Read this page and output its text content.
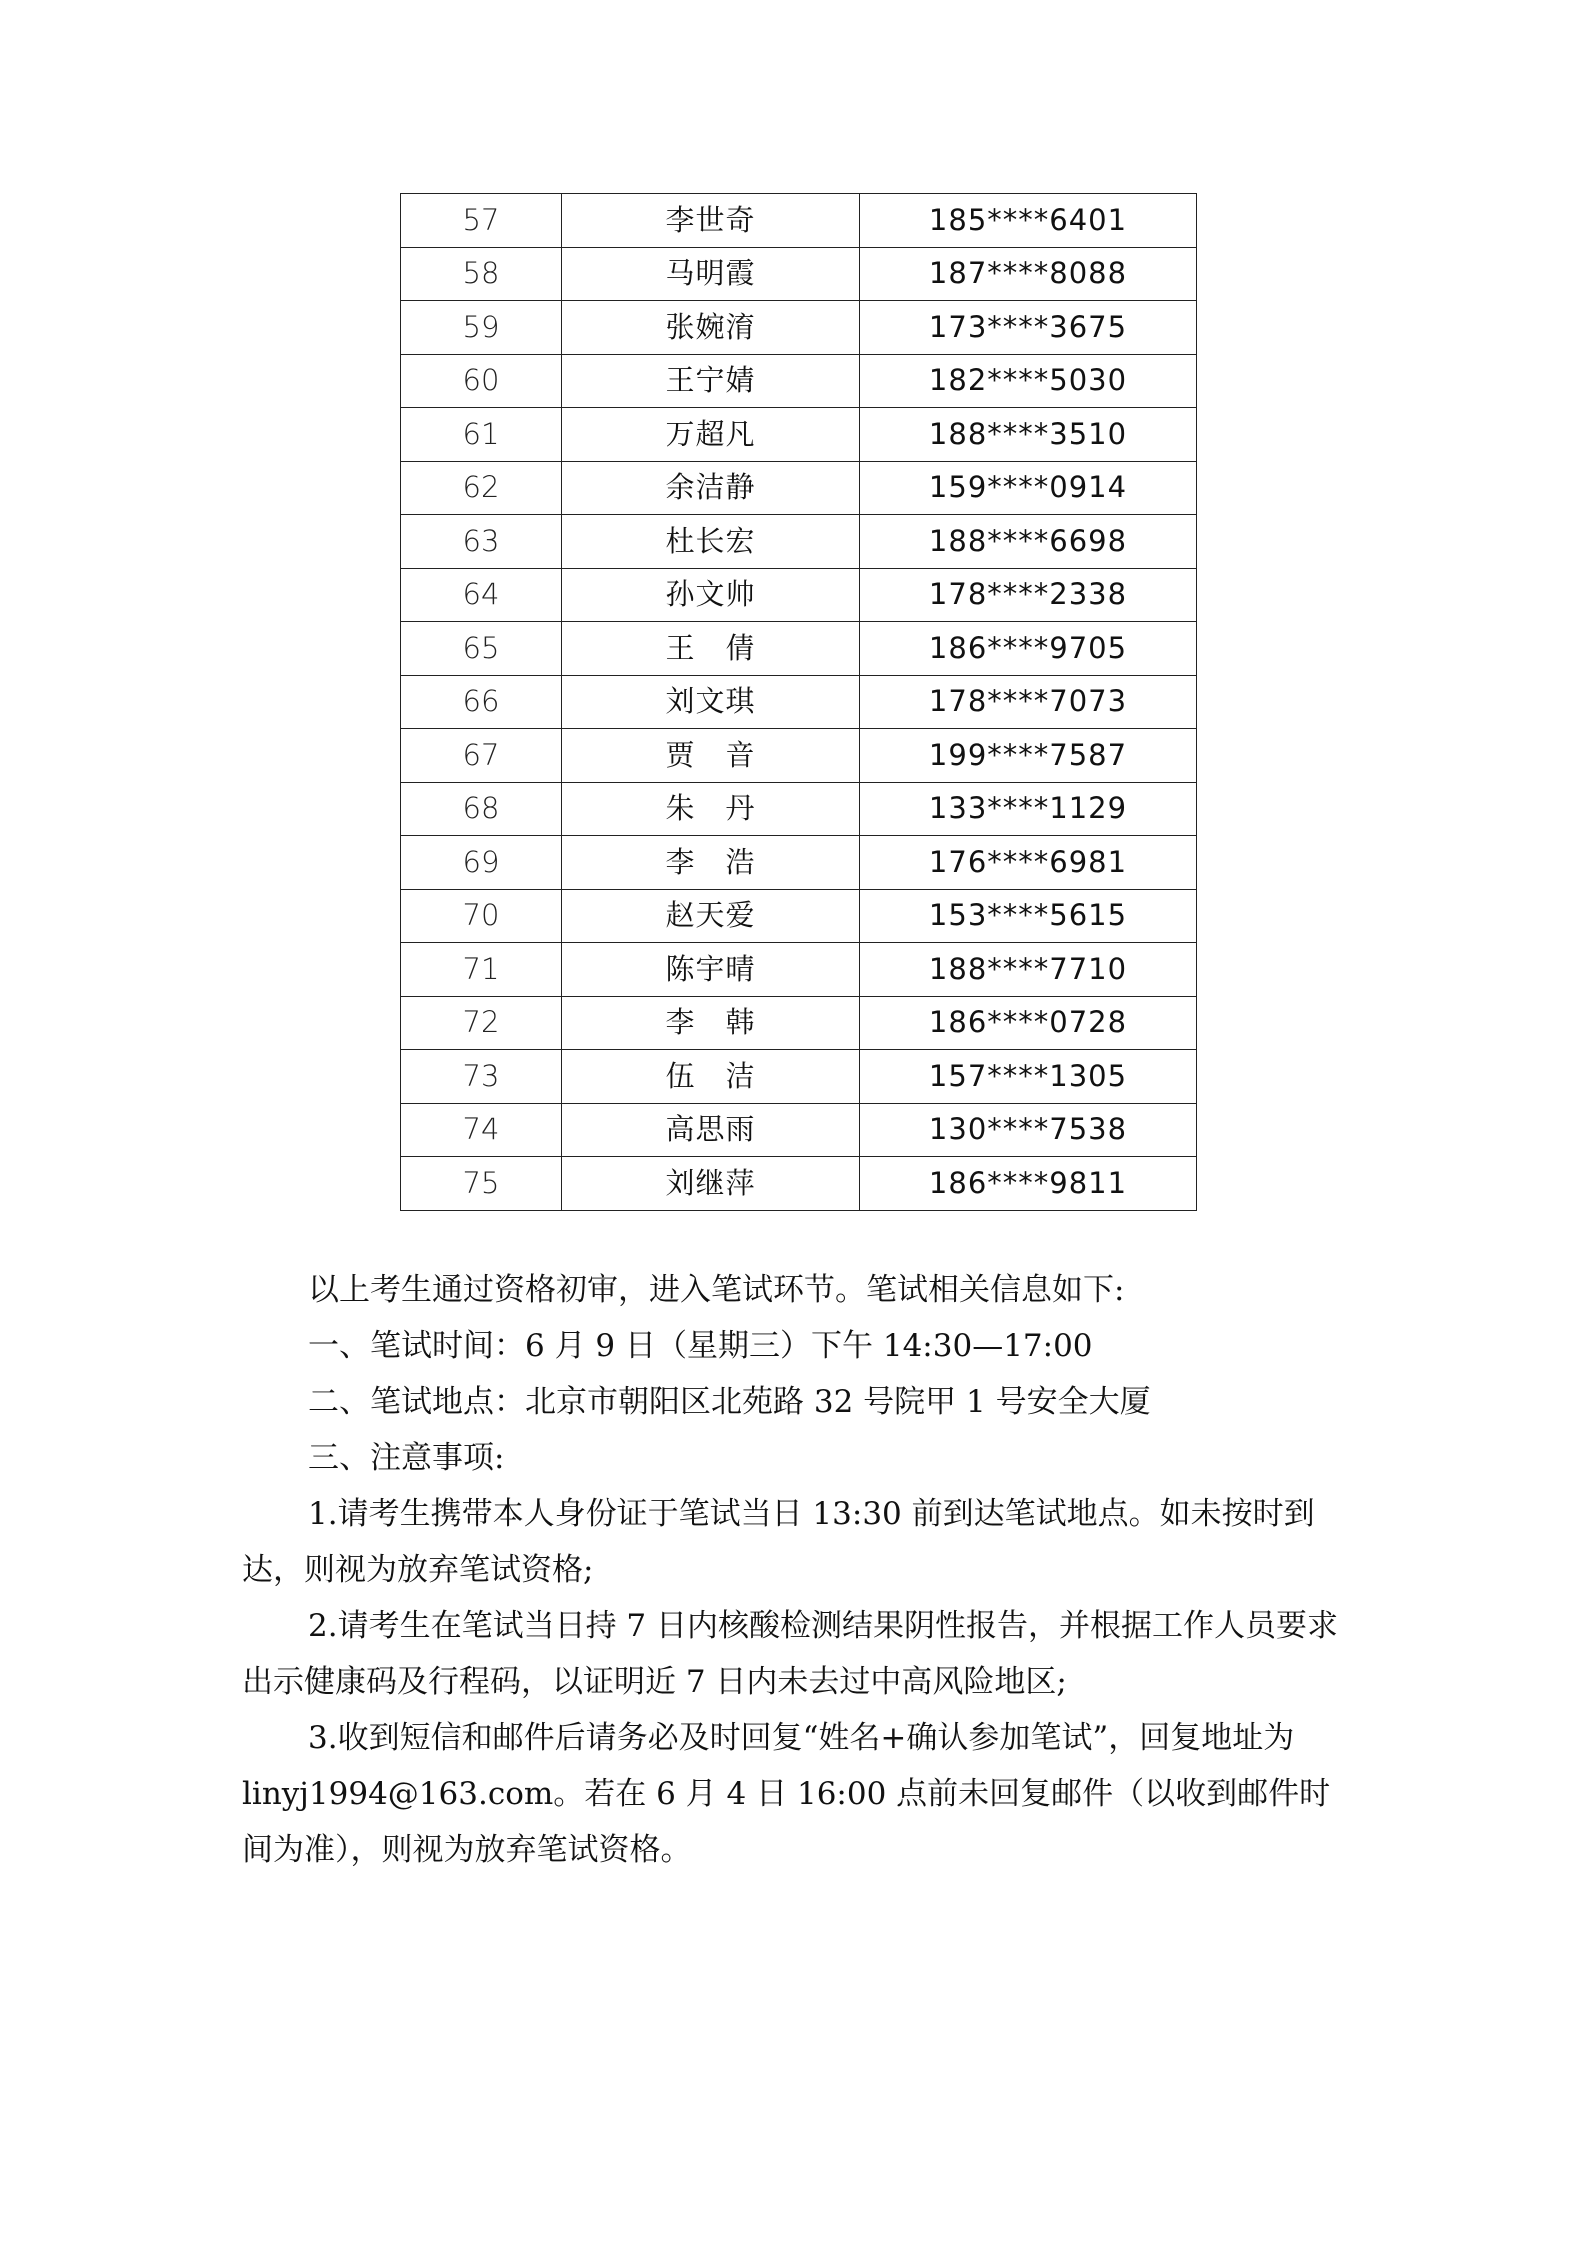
57	李世奇	185****6401
58	马明霞	187****8088
59	张婉淯	173****3675
60	王宁婧	182****5030
61	万超凡	188****3510
62	余洁静	159****0914
63	杜长宏	188****6698
64	孙文帅	178****2338
65	王　倩	186****9705
66	刘文琪	178****7073
67	贾　音	199****7587
68	朱　丹	133****1129
69	李　浩	176****6981
70	赵天爱	153****5615
71	陈宇晴	188****7710
72	李　韩	186****0728
73	伍　洁	157****1305
74	高思雨	130****7538
75	刘继萍	186****9811

以上考生通过资格初审，进入笔试环节。笔试相关信息如下:

一、笔试时间：6 月 9 日（星期三）下午 14:30—17:00

二、笔试地点：北京市朝阳区北苑路 32 号院甲 1 号安全大厦

三、注意事项:

1.请考生携带本人身份证于笔试当日 13:30 前到达笔试地点。如未按时到达，则视为放弃笔试资格;

2.请考生在笔试当日持 7 日内核酸检测结果阴性报告，并根据工作人员要求出示健康码及行程码，以证明近 7 日内未去过中高风险地区;

3.收到短信和邮件后请务必及时回复“姓名+确认参加笔试”，回复地址为 linyj1994@163.com。若在 6 月 4 日 16:00 点前未回复邮件（以收到邮件时间为准），则视为放弃笔试资格。
